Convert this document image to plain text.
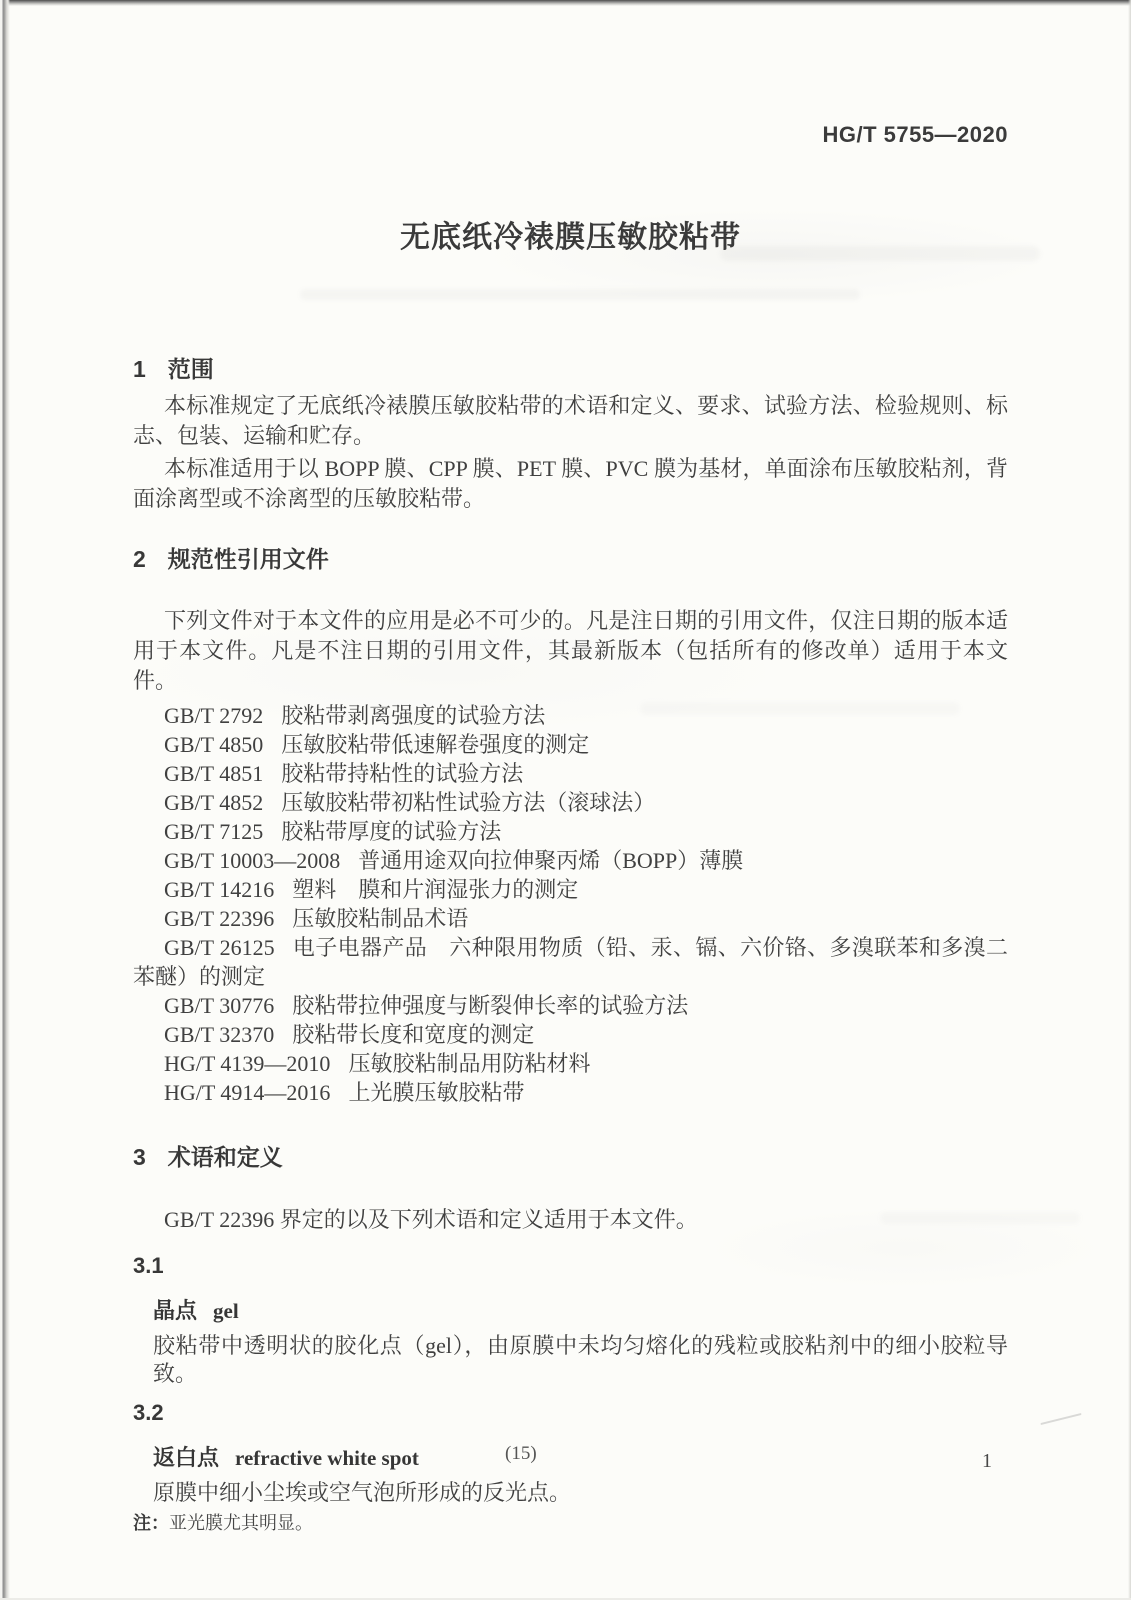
HG/T 5755—2020
无底纸冷裱膜压敏胶粘带
1 范围

本标准规定了无底纸冷裱膜压敏胶粘带的术语和定义、要求、试验方法、检验规则、标志、包装、运输和贮存。

本标准适用于以 BOPP 膜、CPP 膜、PET 膜、PVC 膜为基材，单面涂布压敏胶粘剂，背面涂离型或不涂离型的压敏胶粘带。

2 规范性引用文件

下列文件对于本文件的应用是必不可少的。凡是注日期的引用文件，仅注日期的版本适用于本文件。凡是不注日期的引用文件，其最新版本（包括所有的修改单）适用于本文件。

GB/T 2792 胶粘带剥离强度的试验方法

GB/T 4850 压敏胶粘带低速解卷强度的测定

GB/T 4851 胶粘带持粘性的试验方法

GB/T 4852 压敏胶粘带初粘性试验方法（滚球法）

GB/T 7125 胶粘带厚度的试验方法

GB/T 10003—2008 普通用途双向拉伸聚丙烯（BOPP）薄膜

GB/T 14216 塑料　膜和片润湿张力的测定

GB/T 22396 压敏胶粘制品术语

GB/T 26125 电子电器产品　六种限用物质（铅、汞、镉、六价铬、多溴联苯和多溴二苯醚）的测定

GB/T 30776 胶粘带拉伸强度与断裂伸长率的试验方法

GB/T 32370 胶粘带长度和宽度的测定

HG/T 4139—2010 压敏胶粘制品用防粘材料

HG/T 4914—2016 上光膜压敏胶粘带

3 术语和定义

GB/T 22396 界定的以及下列术语和定义适用于本文件。

3.1
晶点 gel

胶粘带中透明状的胶化点（gel），由原膜中未均匀熔化的残粒或胶粘剂中的细小胶粒导致。

3.2
返白点 refractive white spot

原膜中细小尘埃或空气泡所形成的反光点。

注：亚光膜尤其明显。

(15)	1
